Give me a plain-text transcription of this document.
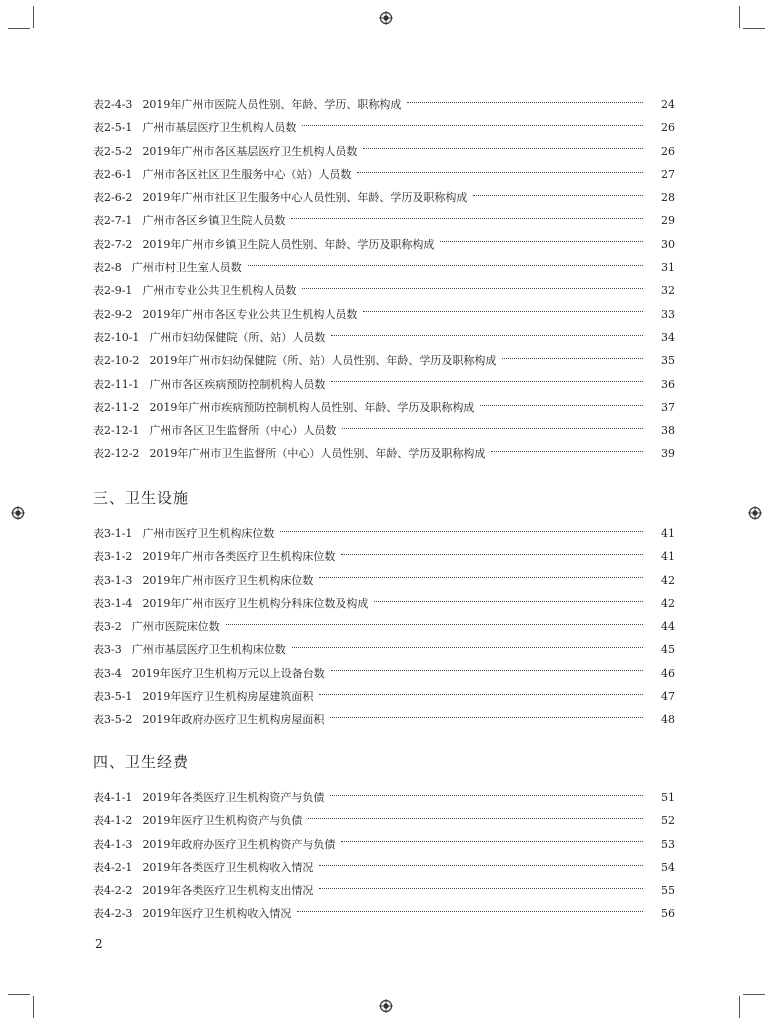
表2-4-3 2019年广州市医院人员性别、年龄、学历、职称构成	24
表2-5-1 广州市基层医疗卫生机构人员数	26
表2-5-2 2019年广州市各区基层医疗卫生机构人员数	26
表2-6-1 广州市各区社区卫生服务中心（站）人员数	27
表2-6-2 2019年广州市社区卫生服务中心人员性别、年龄、学历及职称构成	28
表2-7-1 广州市各区乡镇卫生院人员数	29
表2-7-2 2019年广州市乡镇卫生院人员性别、年龄、学历及职称构成	30
表2-8 广州市村卫生室人员数	31
表2-9-1 广州市专业公共卫生机构人员数	32
表2-9-2 2019年广州市各区专业公共卫生机构人员数	33
表2-10-1 广州市妇幼保健院（所、站）人员数	34
表2-10-2 2019年广州市妇幼保健院（所、站）人员性别、年龄、学历及职称构成	35
表2-11-1 广州市各区疾病预防控制机构人员数	36
表2-11-2 2019年广州市疾病预防控制机构人员性别、年龄、学历及职称构成	37
表2-12-1 广州市各区卫生监督所（中心）人员数	38
表2-12-2 2019年广州市卫生监督所（中心）人员性别、年龄、学历及职称构成	39
三、卫生设施
表3-1-1 广州市医疗卫生机构床位数	41
表3-1-2 2019年广州市各类医疗卫生机构床位数	41
表3-1-3 2019年广州市医疗卫生机构床位数	42
表3-1-4 2019年广州市医疗卫生机构分科床位数及构成	42
表3-2 广州市医院床位数	44
表3-3 广州市基层医疗卫生机构床位数	45
表3-4 2019年医疗卫生机构万元以上设备台数	46
表3-5-1 2019年医疗卫生机构房屋建筑面积	47
表3-5-2 2019年政府办医疗卫生机构房屋面积	48
四、卫生经费
表4-1-1 2019年各类医疗卫生机构资产与负债	51
表4-1-2 2019年医疗卫生机构资产与负债	52
表4-1-3 2019年政府办医疗卫生机构资产与负债	53
表4-2-1 2019年各类医疗卫生机构收入情况	54
表4-2-2 2019年各类医疗卫生机构支出情况	55
表4-2-3 2019年医疗卫生机构收入情况	56
2
